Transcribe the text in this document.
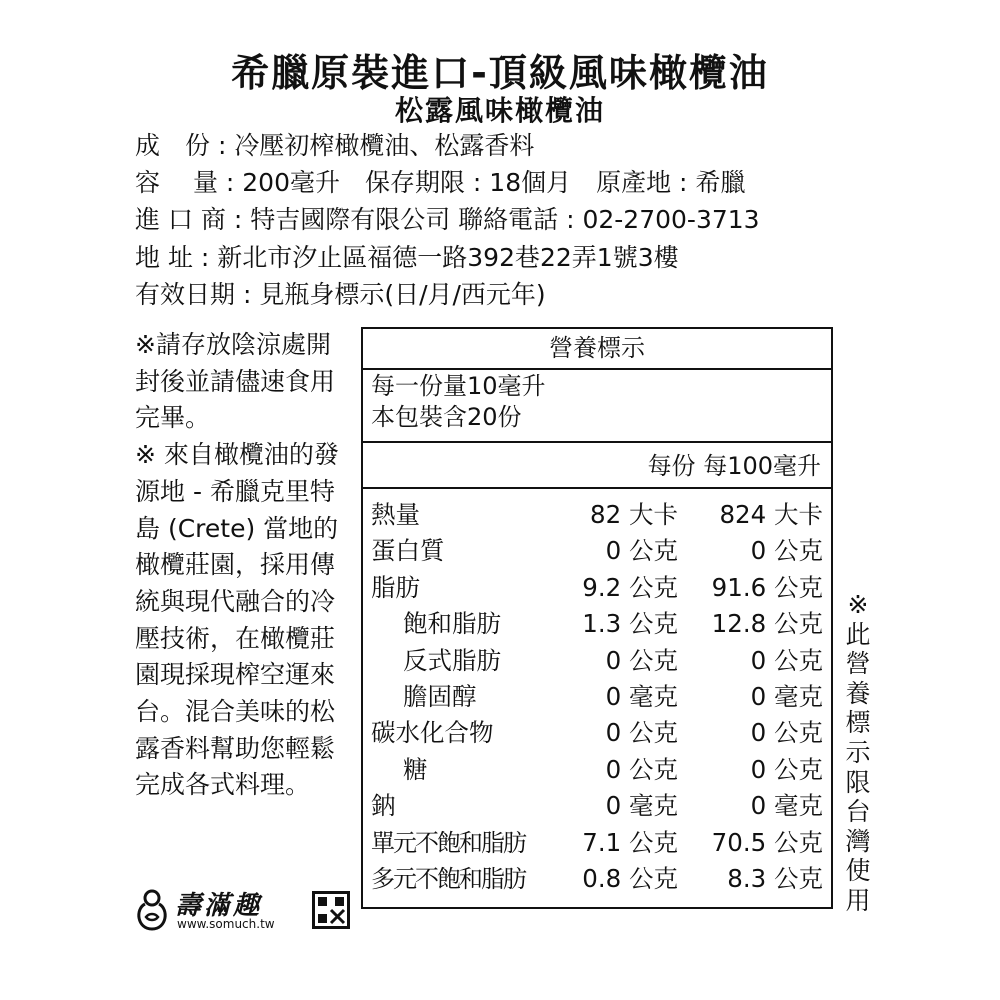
希臘原裝進口-頂級風味橄欖油
松露風味橄欖油
成　份 : 冷壓初榨橄欖油、松露香料
容　 量 : 200毫升　保存期限 : 18個月　原產地 : 希臘
進 口 商 : 特吉國際有限公司 聯絡電話 : 02-2700-3713
地 址 : 新北市汐止區福德一路392巷22弄1號3樓
有效日期 : 見瓶身標示(日/月/西元年)

※請存放陰涼處開封後並請儘速食用完畢。

※ 來自橄欖油的發源地 - 希臘克里特島 (Crete) 當地的橄欖莊園，採用傳統與現代融合的冷壓技術，在橄欖莊園現採現榨空運來台。混合美味的松露香料幫助您輕鬆完成各式料理。

壽滿趣
www.somuch.tw
營養標示
每一份量10毫升
本包裝含20份
每份 每100毫升
熱量	82 大卡 824 大卡
蛋白質	0 公克	0 公克
脂肪	9.2 公克 91.6 公克
飽和脂肪	1.3 公克 12.8 公克
反式脂肪	0 公克	0 公克
膽固醇	0 毫克	0 毫克
碳水化合物	0 公克	0 公克
糖	0 公克	0 公克
鈉	0 毫克	0 毫克
單元不飽和脂肪 7.1 公克 70.5 公克
多元不飽和脂肪 0.8 公克 8.3 公克
※此營養標示限台灣使用
